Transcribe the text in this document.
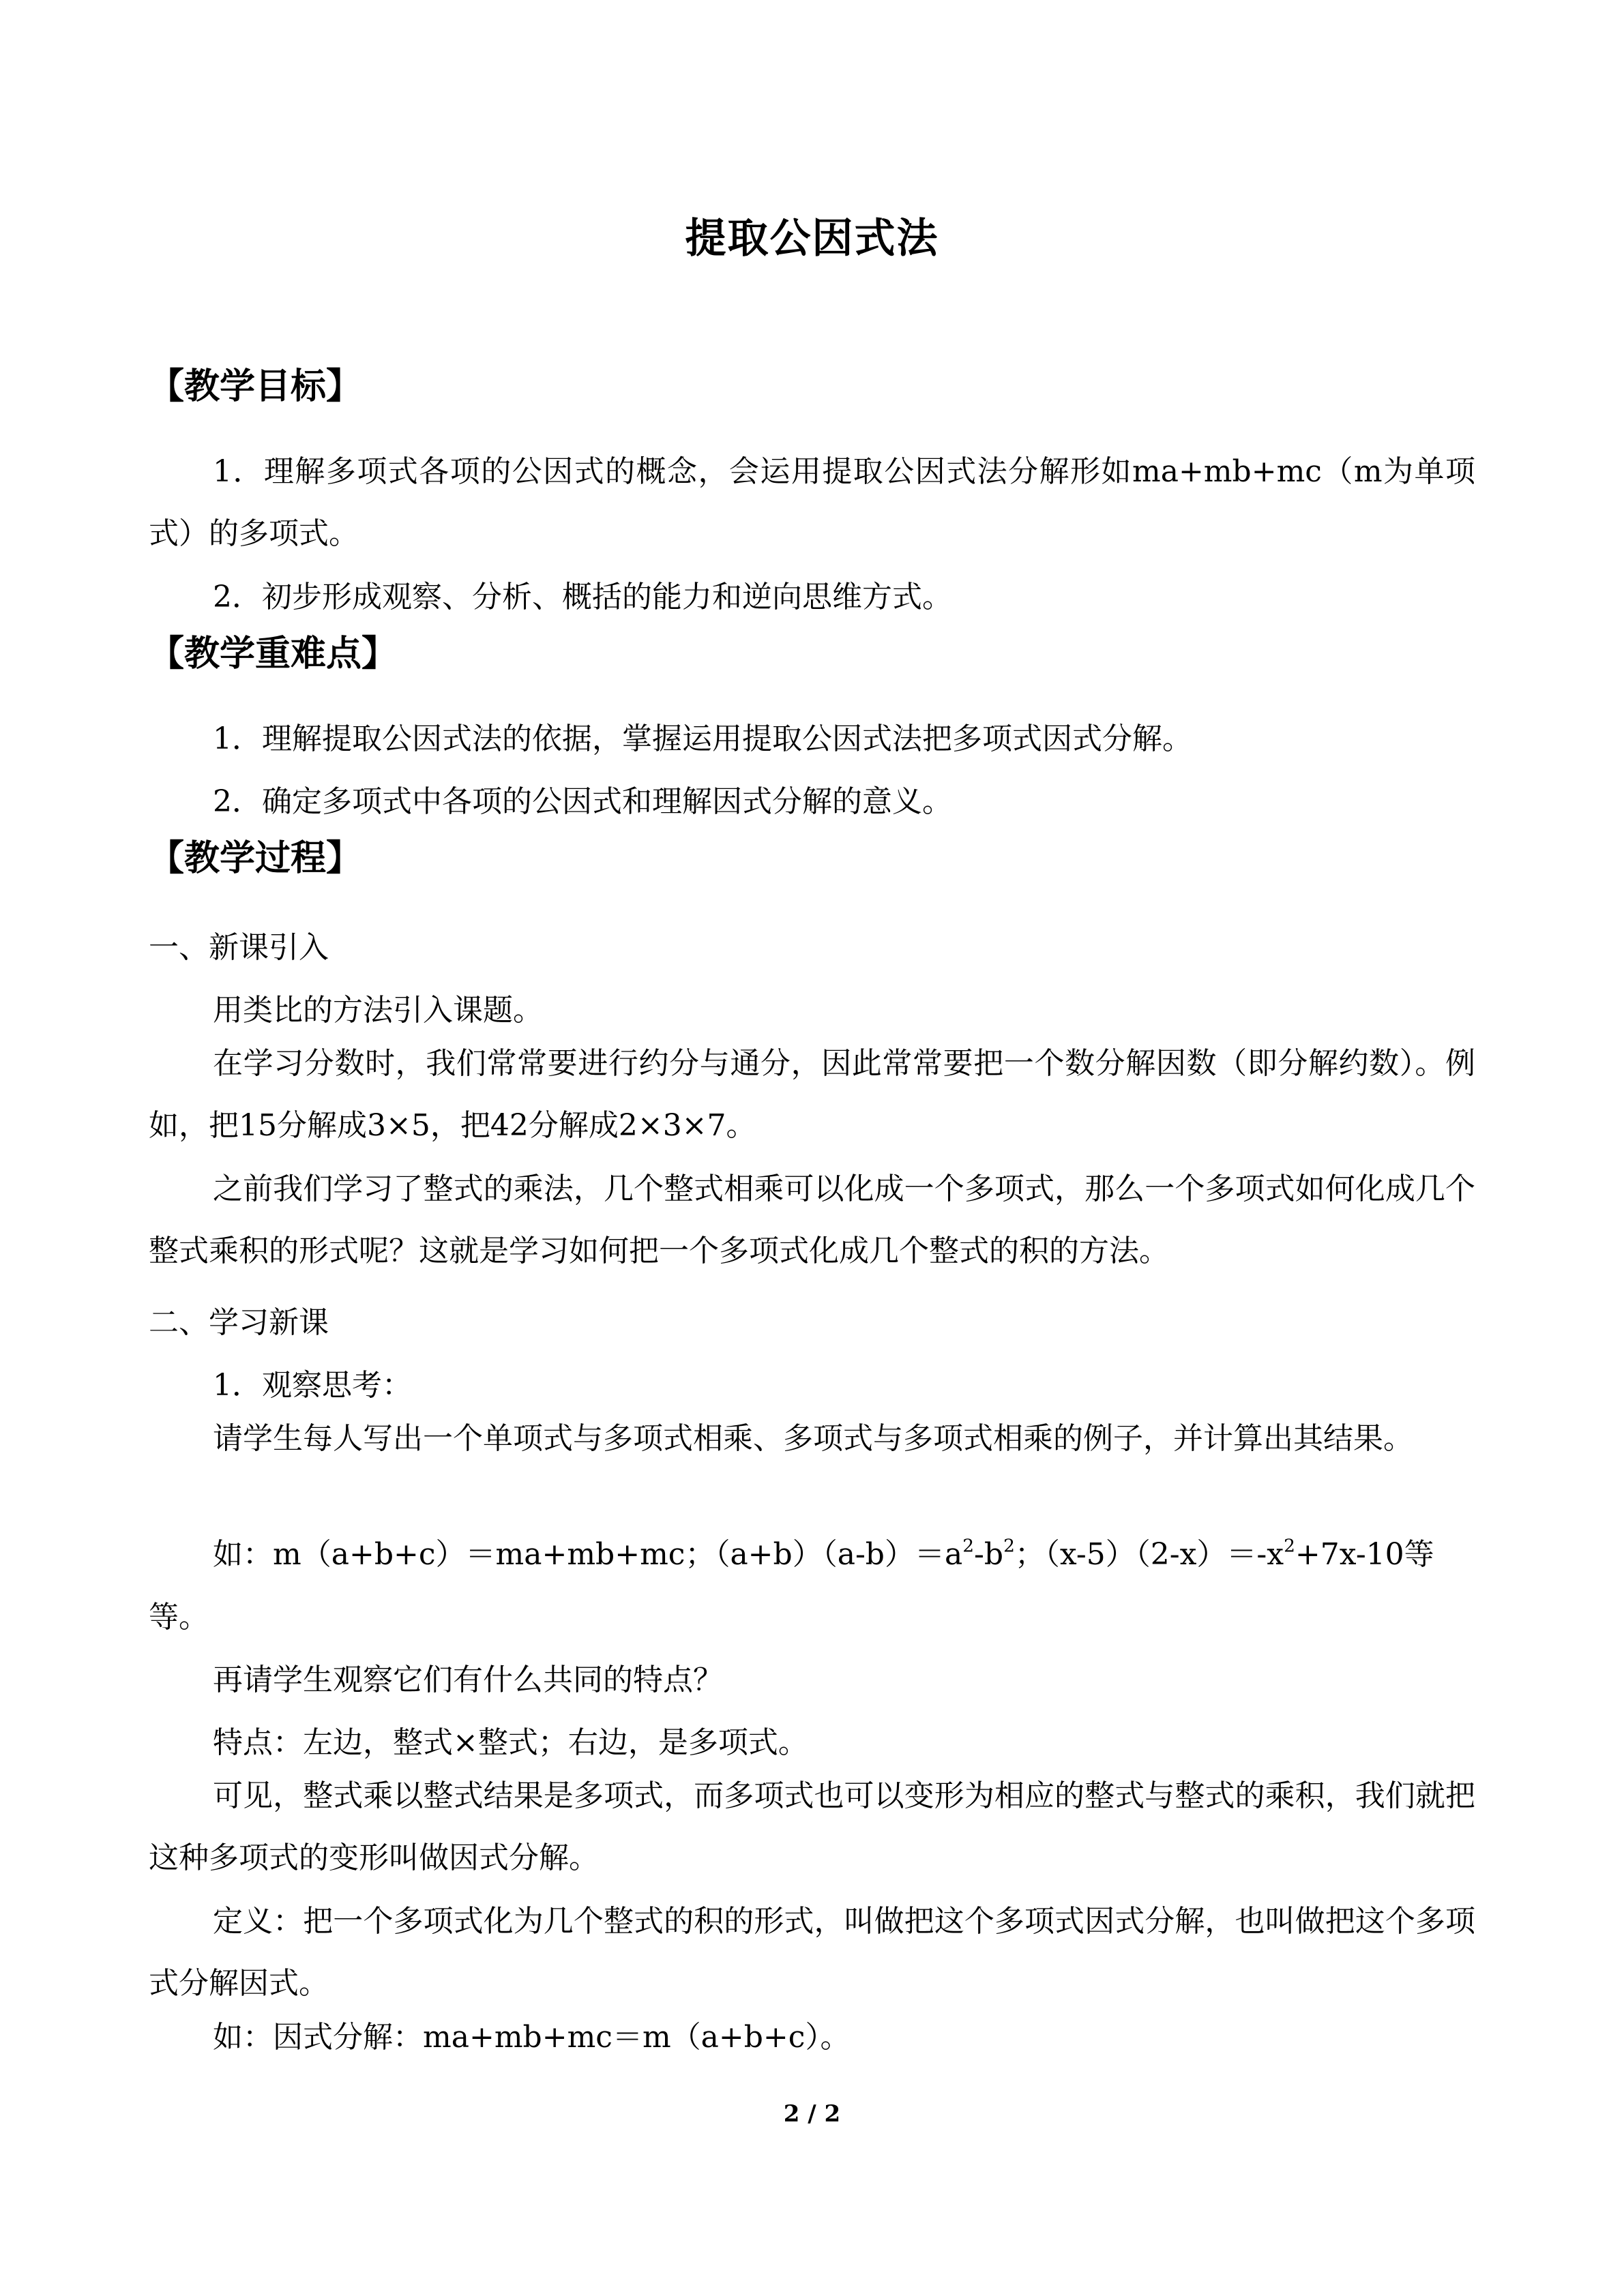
提取公因式法
【教学目标】
1．理解多项式各项的公因式的概念，会运用提取公因式法分解形如ma+mb+mc（m为单项式）的多项式。
2．初步形成观察、分析、概括的能力和逆向思维方式。
【教学重难点】
1．理解提取公因式法的依据，掌握运用提取公因式法把多项式因式分解。
2．确定多项式中各项的公因式和理解因式分解的意义。
【教学过程】
一、新课引入
用类比的方法引入课题。
在学习分数时，我们常常要进行约分与通分，因此常常要把一个数分解因数（即分解约数）。例如，把15分解成3×5，把42分解成2×3×7。
之前我们学习了整式的乘法，几个整式相乘可以化成一个多项式，那么一个多项式如何化成几个整式乘积的形式呢？这就是学习如何把一个多项式化成几个整式的积的方法。
二、学习新课
1．观察思考：
请学生每人写出一个单项式与多项式相乘、多项式与多项式相乘的例子，并计算出其结果。
如：m（a+b+c）＝ma+mb+mc；$(a+b)(a-b)=a^2-b^2$；$(x-5)(2-x)=-x^2+7x-10$等
等。
再请学生观察它们有什么共同的特点？
特点：左边，整式×整式；右边，是多项式。
可见，整式乘以整式结果是多项式，而多项式也可以变形为相应的整式与整式的乘积，我们就把这种多项式的变形叫做因式分解。
定义：把一个多项式化为几个整式的积的形式，叫做把这个多项式因式分解，也叫做把这个多项式分解因式。
如：因式分解：ma+mb+mc＝m（a+b+c）。
2 / 2
